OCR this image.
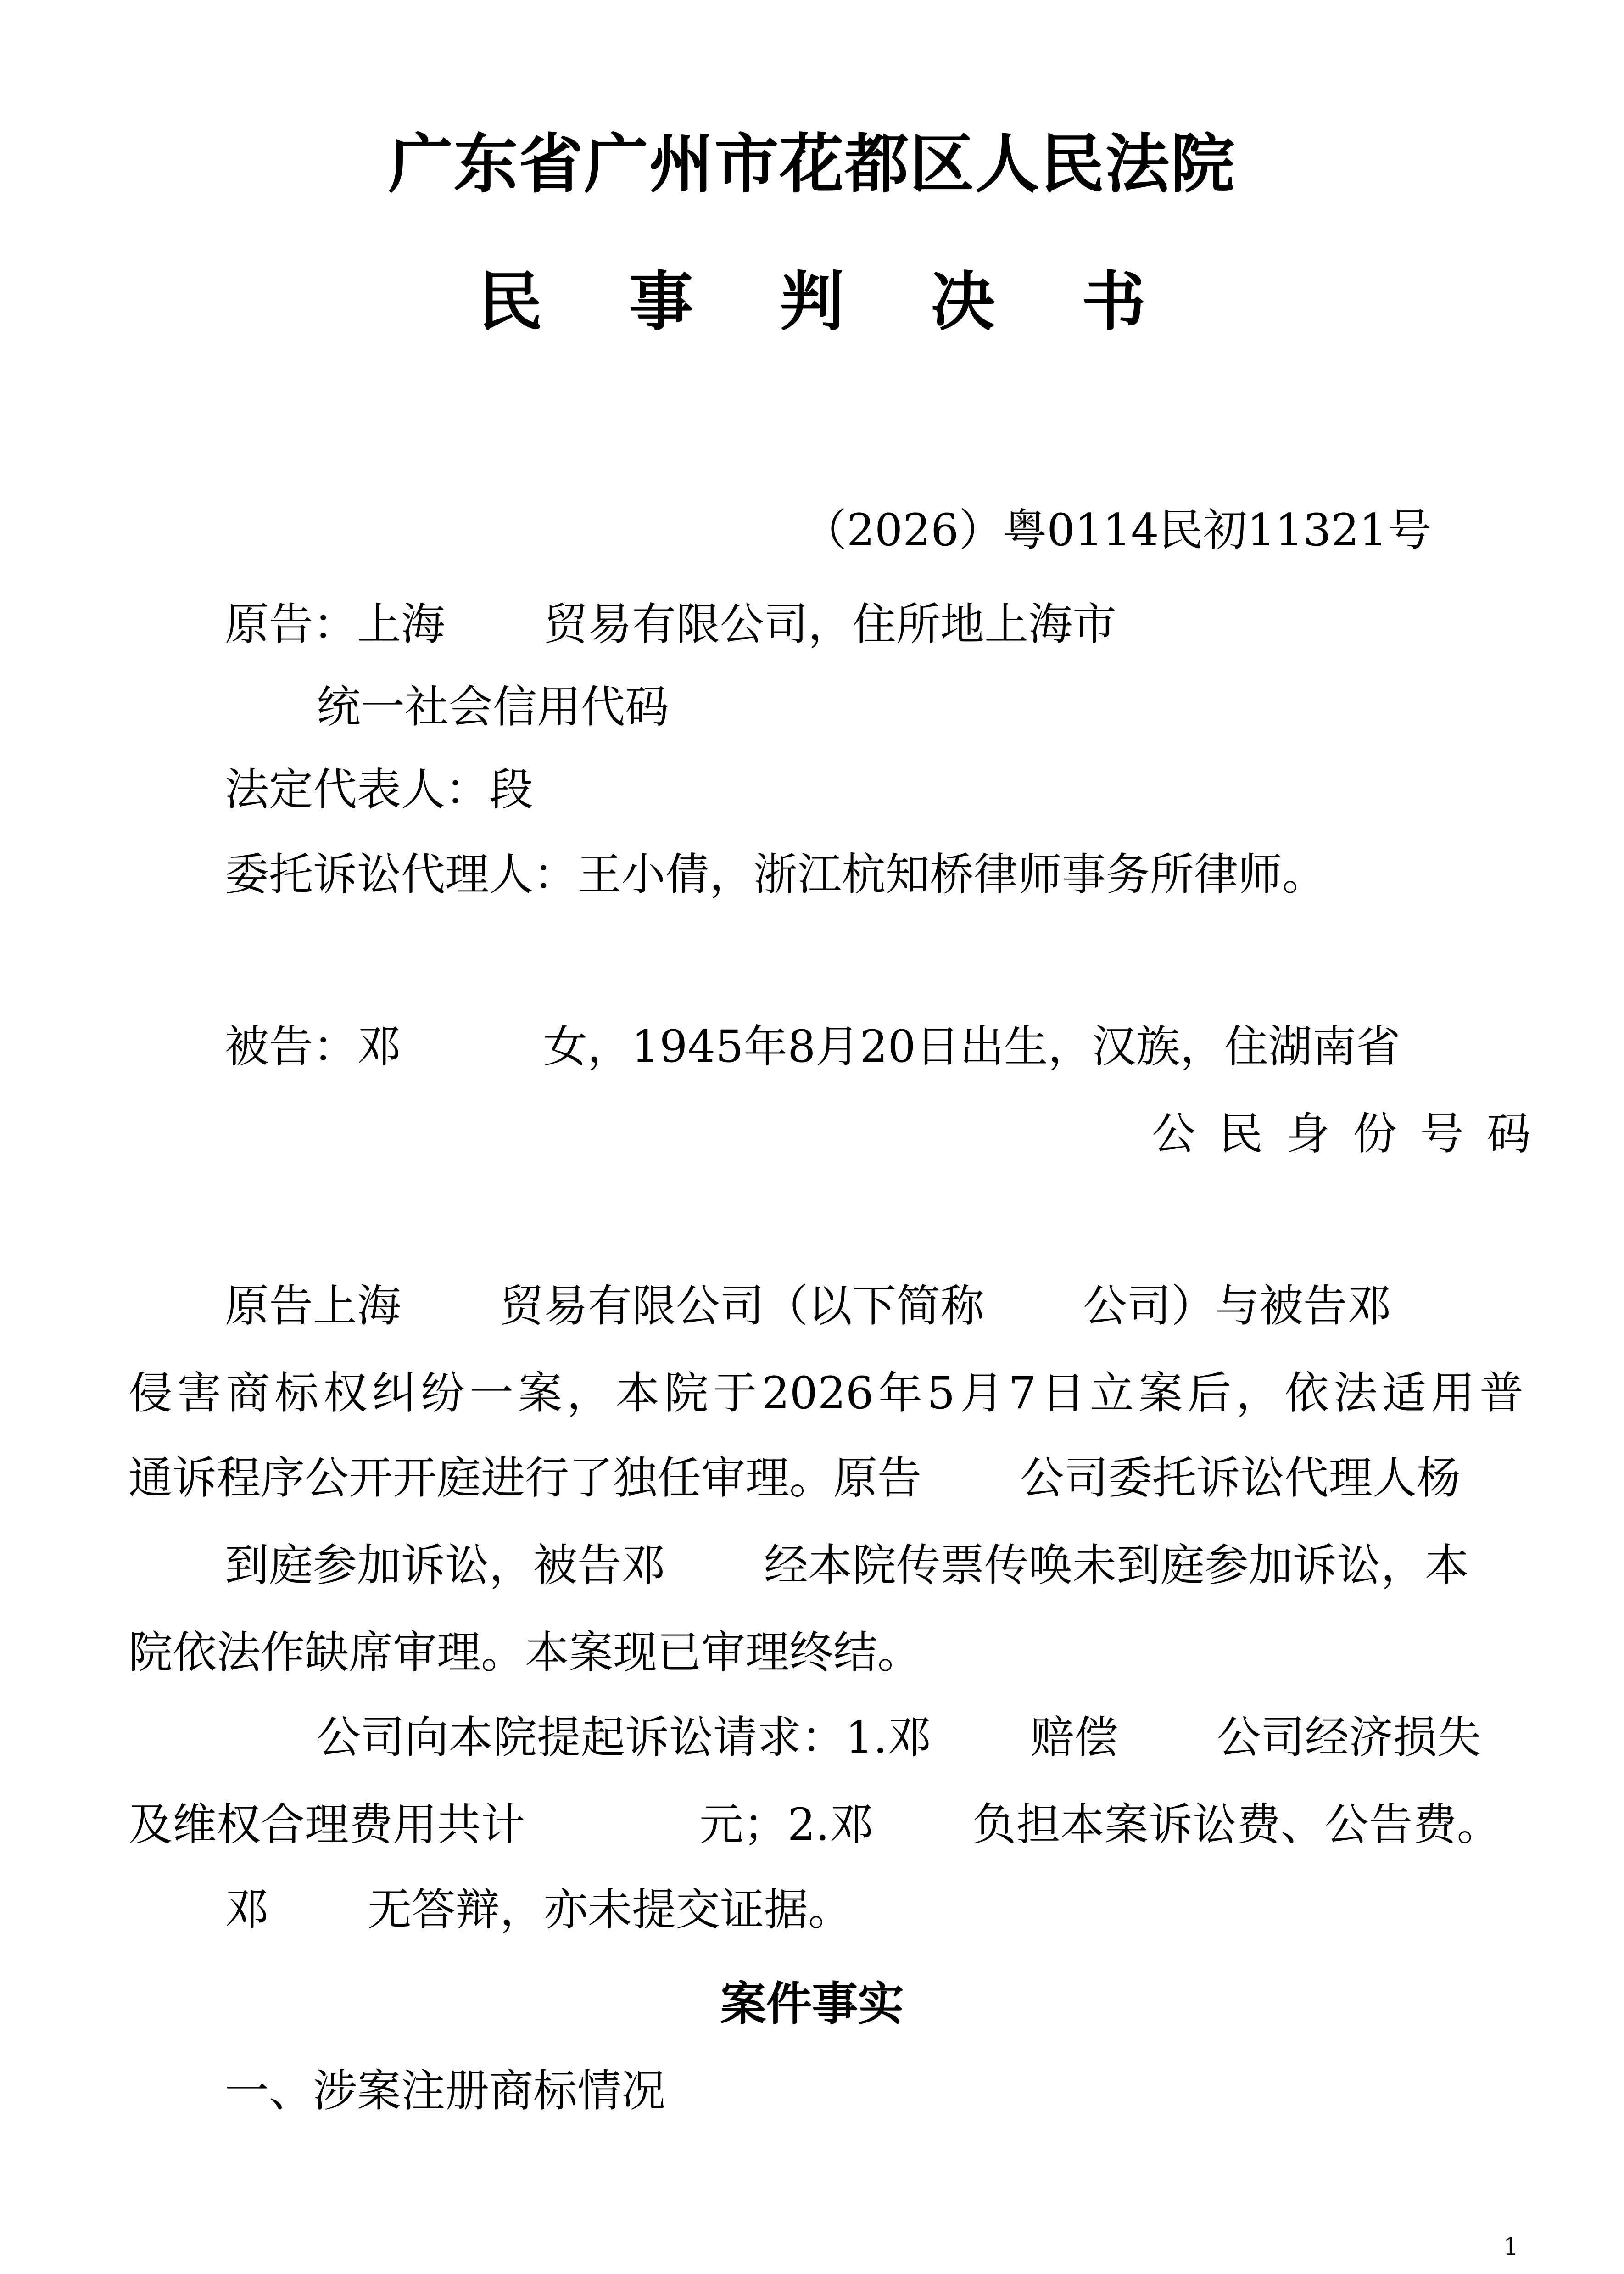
广东省广州市花都区人民法院
民 事 判 决 书
（2026）粤0114民初11321号
原告：上海 贸易有限公司，住所地上海市
统一社会信用代码
法定代表人：段
委托诉讼代理人：王小倩，浙江杭知桥律师事务所律师。
被告：邓	女，1945年8月20日出生，汉族，住湖南省
公民身份号码
原告上海 贸易有限公司（以下简称 公司）与被告邓
侵害商标权纠纷一案，本院于2026年5月7日立案后，依法适用普
通诉程序公开开庭进行了独任审理。原告 公司委托诉讼代理人杨
到庭参加诉讼，被告邓 经本院传票传唤未到庭参加诉讼，本
院依法作缺席审理。本案现已审理终结。
公司向本院提起诉讼请求：1.邓 赔偿 公司经济损失
及维权合理费用共计	元；2.邓 负担本案诉讼费、公告费。
邓 无答辩，亦未提交证据。
案件事实
一、涉案注册商标情况
1
